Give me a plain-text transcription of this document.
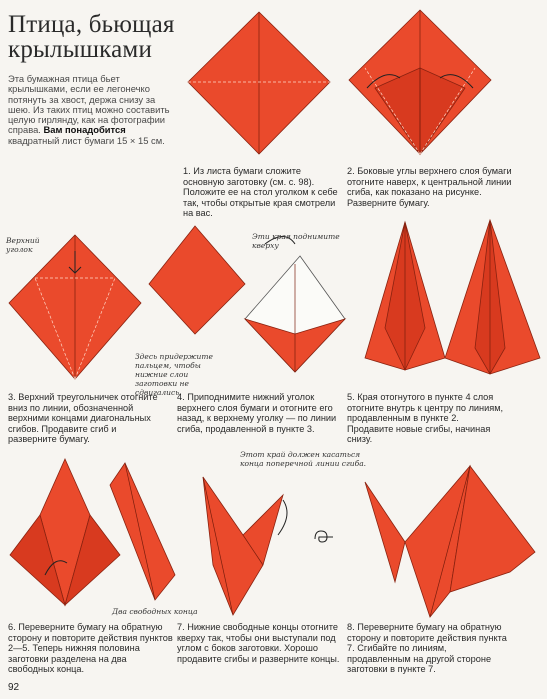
Птица, бьющая
крылышками
Эта бумажная птица бьет крылышками, если ее легонечко потянуть за хвост, держа снизу за шею. Из таких птиц можно составить целую гирлянду, как на фотографии справа. Вам понадобится квадратный лист бумаги 15 × 15 см.
Верхний уголок
Эти края поднимите кверху
Здесь придержите пальцем, чтобы нижние слои заготовки не сдвигались.
Этот край должен касаться конца поперечной линии сгиба.
Два свободных конца
1. Из листа бумаги сложите основную заготовку (см. с. 98). Положите ее на стол уголком к себе так, чтобы открытые края смотрели на вас.
2. Боковые углы верхнего слоя бумаги отогните наверх, к центральной линии сгиба, как показано на рисунке. Разверните бумагу.
3. Верхний треугольничек отогните вниз по линии, обозначенной верхними концами диагональных сгибов. Продавите сгиб и разверните бумагу.
4. Приподнимите нижний уголок верхнего слоя бумаги и отогните его назад, к верхнему уголку — по линии сгиба, продавленной в пункте 3.
5. Края отогнутого в пункте 4 слоя отогните внутрь к центру по линиям, продавленным в пункте 2. Продавите новые сгибы, начиная снизу.
6. Переверните бумагу на обратную сторону и повторите действия пунктов 2—5. Теперь нижняя половина заготовки разделена на два свободных конца.
7. Нижние свободные концы отогните кверху так, чтобы они выступали под углом с боков заготовки. Хорошо продавите сгибы и разверните концы.
8. Переверните бумагу на обратную сторону и повторите действия пункта 7. Сгибайте по линиям, продавленным на другой стороне заготовки в пункте 7.
92
